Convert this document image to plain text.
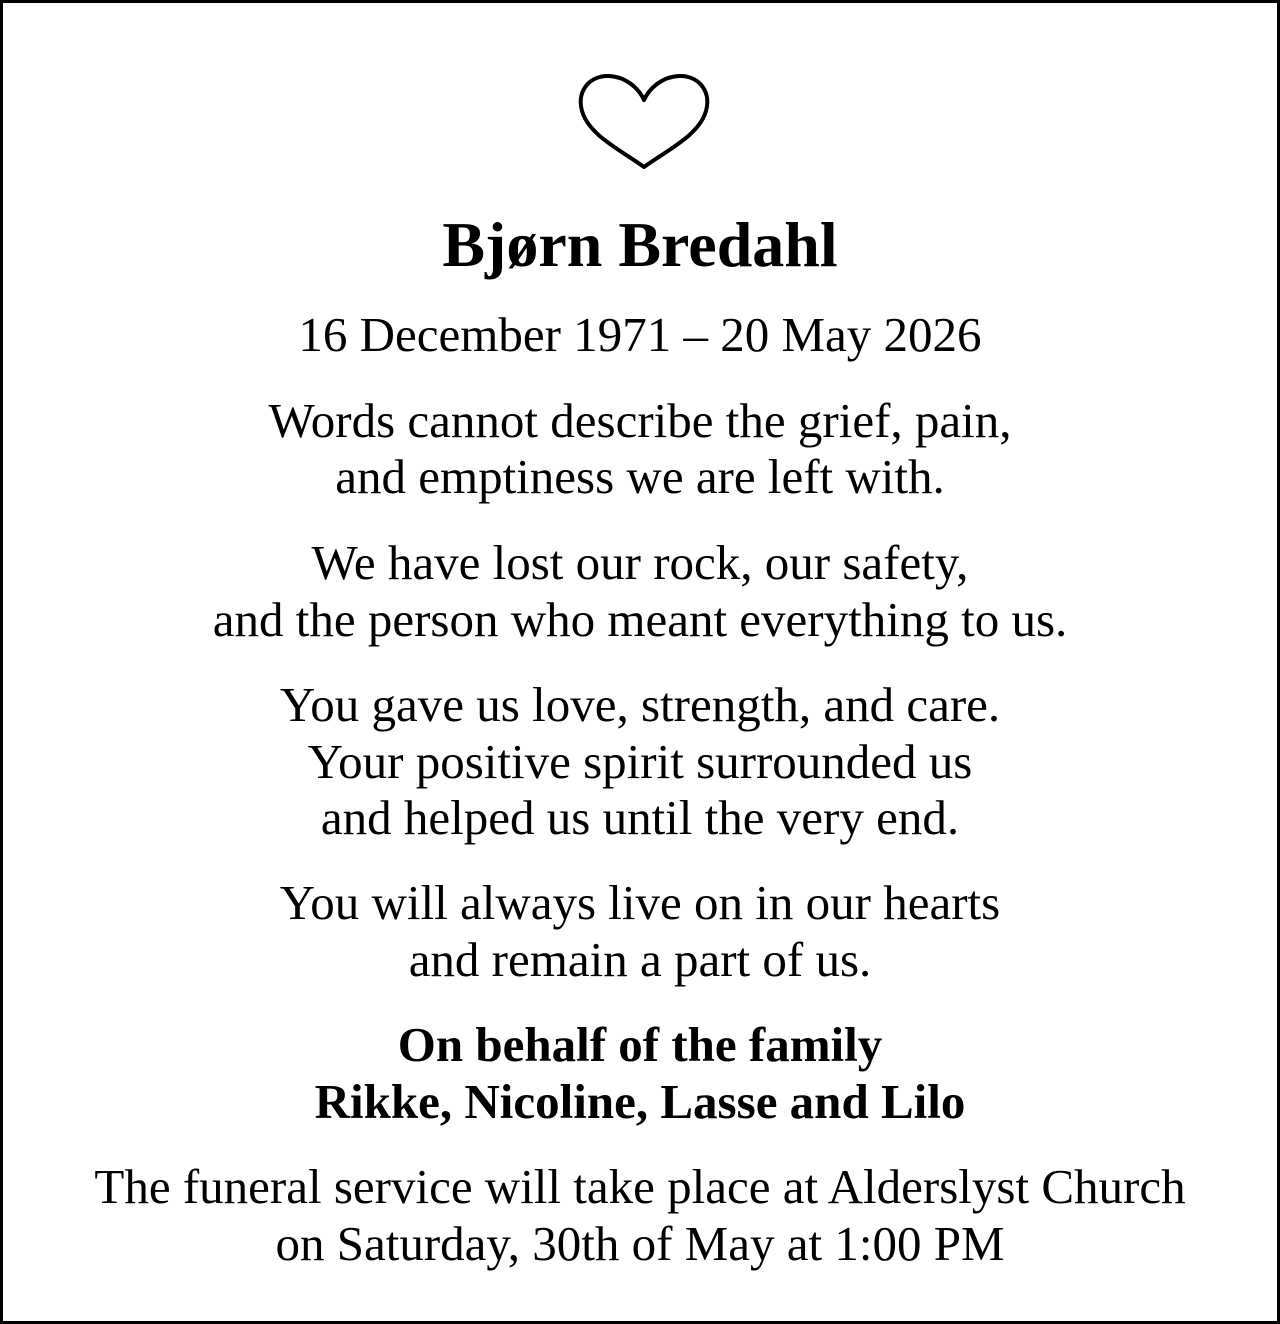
Bjørn Bredahl
16 December 1971 – 20 May 2026
Words cannot describe the grief, pain,
and emptiness we are left with.
We have lost our rock, our safety,
and the person who meant everything to us.
You gave us love, strength, and care.
Your positive spirit surrounded us
and helped us until the very end.
You will always live on in our hearts
and remain a part of us.
On behalf of the family
Rikke, Nicoline, Lasse and Lilo
The funeral service will take place at Alderslyst Church
on Saturday, 30th of May at 1:00 PM
